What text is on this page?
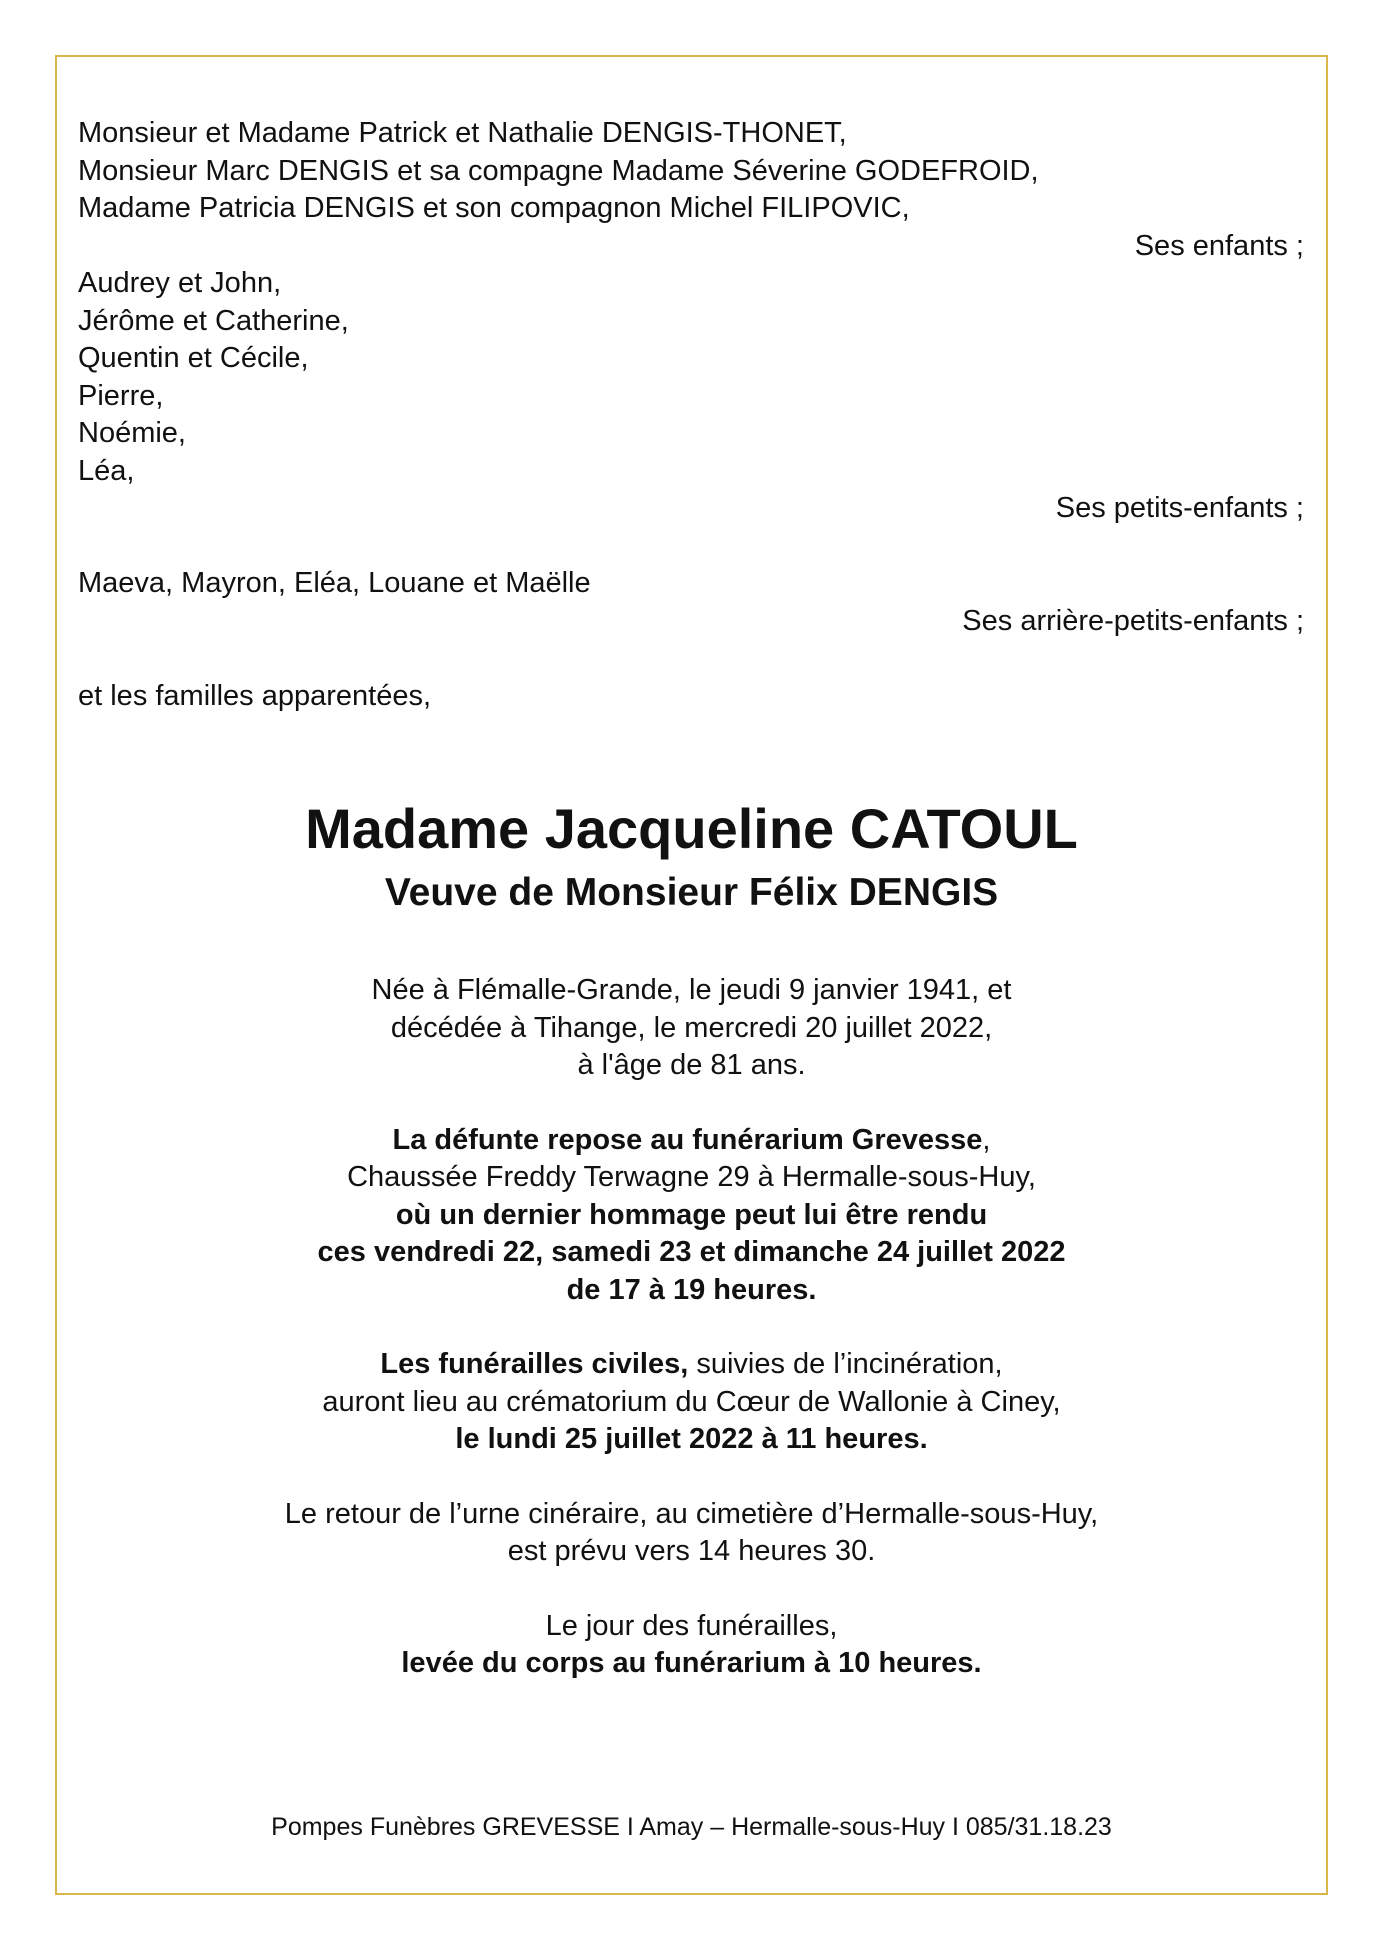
Monsieur et Madame Patrick et Nathalie DENGIS-THONET,
Monsieur Marc DENGIS et sa compagne Madame Séverine GODEFROID,
Madame Patricia DENGIS et son compagnon Michel FILIPOVIC,
Ses enfants ;
Audrey et John,
Jérôme et Catherine,
Quentin et Cécile,
Pierre,
Noémie,
Léa,
Ses petits-enfants ;
Maeva, Mayron, Eléa, Louane et Maëlle
Ses arrière-petits-enfants ;
et les familles apparentées,
Madame Jacqueline CATOUL
Veuve de Monsieur Félix DENGIS
Née à Flémalle-Grande, le jeudi 9 janvier 1941, et
décédée à Tihange, le mercredi 20 juillet 2022,
à l'âge de 81 ans.
La défunte repose au funérarium Grevesse,
Chaussée Freddy Terwagne 29 à Hermalle-sous-Huy,
où un dernier hommage peut lui être rendu
ces vendredi 22, samedi 23 et dimanche 24 juillet 2022
de 17 à 19 heures.
Les funérailles civiles, suivies de l’incinération,
auront lieu au crématorium du Cœur de Wallonie à Ciney,
le lundi 25 juillet 2022 à 11 heures.
Le retour de l’urne cinéraire, au cimetière d’Hermalle-sous-Huy,
est prévu vers 14 heures 30.
Le jour des funérailles,
levée du corps au funérarium à 10 heures.
Pompes Funèbres GREVESSE I Amay – Hermalle-sous-Huy I 085/31.18.23
